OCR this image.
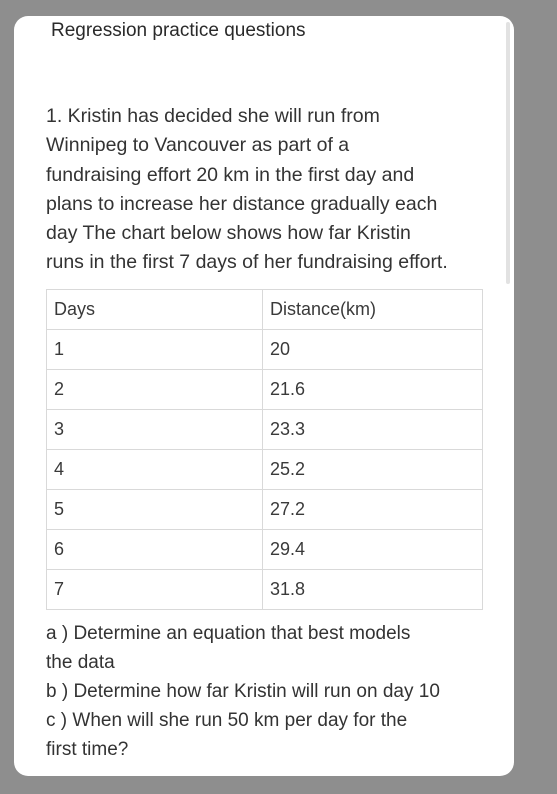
Regression practice questions
1. Kristin has decided she will run from
Winnipeg to Vancouver as part of a
fundraising effort 20 km in the first day and
plans to increase her distance gradually each
day The chart below shows how far Kristin
runs in the first 7 days of her fundraising effort.
Days	Distance(km)
1	20
2	21.6
3	23.3
4	25.2
5	27.2
6	29.4
7	31.8
a ) Determine an equation that best models
the data
b ) Determine how far Kristin will run on day 10
c ) When will she run 50 km per day for the
first time?
